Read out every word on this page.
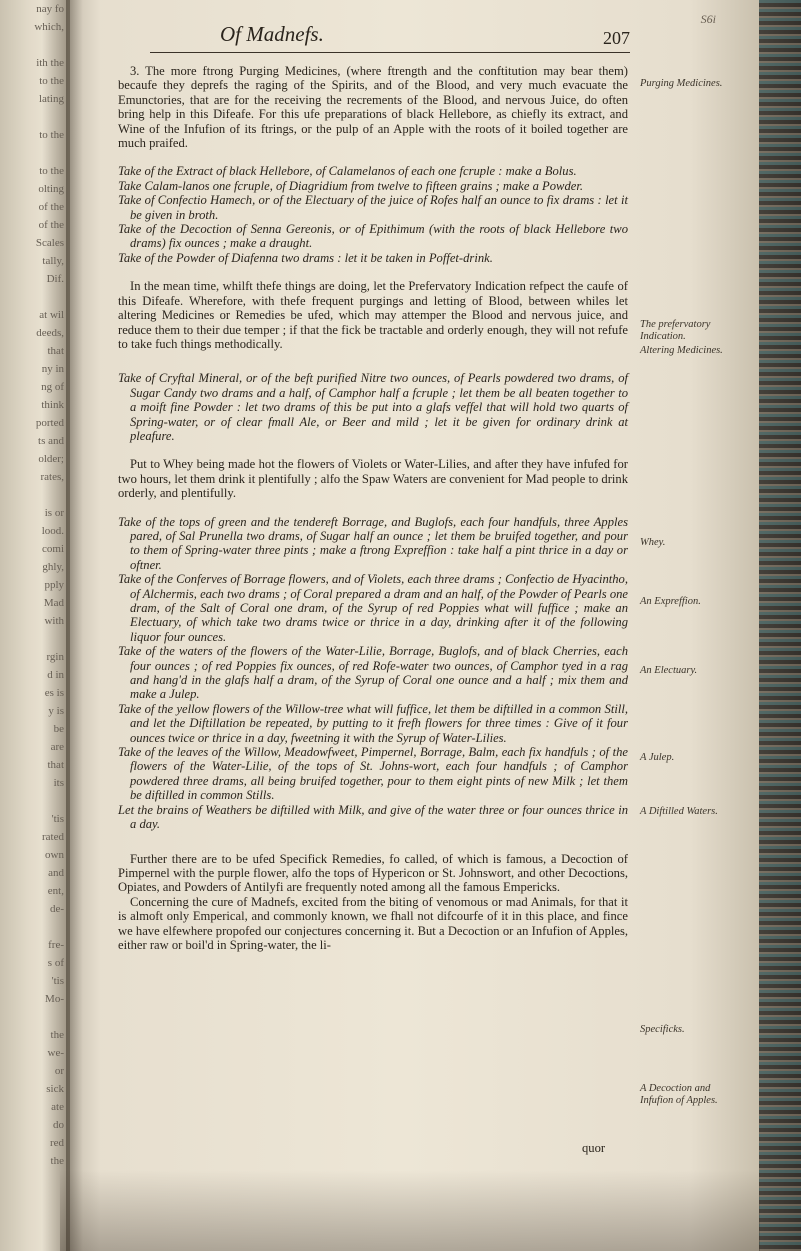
nay fo
which,
ith the
to the
lating
to the
to the
olting
of the
of the
Scales
tally,
Dif.
at wil
deeds,
that
ny in
ng of
think
ported
ts and
older;
rates,
is or
lood.
comi
ghly,
pply
Mad
with
rgin
d in
es is
y is
be
are
that
its
'tis
rated
own
and
ent,
de-
fre-
s of
'tis
Mo-
the
we-
or
sick
ate
do
red
the
S6i
Of Madnefs.	207

3. The more ftrong Purging Medicines, (where ftrength and the conftitution may bear them) becaufe they deprefs the raging of the Spirits, and of the Blood, and very much evacuate the Emunctories, that are for the receiving the recrements of the Blood, and nervous Juice, do often bring help in this Difeafe. For this ufe preparations of black Hellebore, as chiefly its extract, and Wine of the Infufion of its ftrings, or the pulp of an Apple with the roots of it boiled together are much praifed.

Take of the Extract of black Hellebore, of Calamelanos of each one fcruple : make a Bolus.

Take Calam-lanos one fcruple, of Diagridium from twelve to fifteen grains ; make a Powder.

Take of Confectio Hamech, or of the Electuary of the juice of Rofes half an ounce to fix drams : let it be given in broth.

Take of the Decoction of Senna Gereonis, or of Epithimum (with the roots of black Hellebore two drams) fix ounces ; make a draught.

Take of the Powder of Diafenna two drams : let it be taken in Poffet-drink.

In the mean time, whilft thefe things are doing, let the Prefervatory Indication refpect the caufe of this Difeafe. Wherefore, with thefe frequent purgings and letting of Blood, between whiles let altering Medicines or Remedies be ufed, which may attemper the Blood and nervous juice, and reduce them to their due temper ; if that the fick be tractable and orderly enough, they will not refufe to take fuch things methodically.

Take of Cryftal Mineral, or of the beft purified Nitre two ounces, of Pearls powdered two drams, of Sugar Candy two drams and a half, of Camphor half a fcruple ; let them be all beaten together to a moift fine Powder : let two drams of this be put into a glafs veffel that will hold two quarts of Spring-water, or of clear fmall Ale, or Beer and mild ; let it be given for ordinary drink at pleafure.

Put to Whey being made hot the flowers of Violets or Water-Lilies, and after they have infufed for two hours, let them drink it plentifully ; alfo the Spaw Waters are convenient for Mad people to drink orderly, and plentifully.

Take of the tops of green and the tendereft Borrage, and Buglofs, each four handfuls, three Apples pared, of Sal Prunella two drams, of Sugar half an ounce ; let them be bruifed together, and pour to them of Spring-water three pints ; make a ftrong Expreffion : take half a pint thrice in a day or oftner.

Take of the Conferves of Borrage flowers, and of Violets, each three drams ; Confectio de Hyacintho, of Alchermis, each two drams ; of Coral prepared a dram and an half, of the Powder of Pearls one dram, of the Salt of Coral one dram, of the Syrup of red Poppies what will fuffice ; make an Electuary, of which take two drams twice or thrice in a day, drinking after it of the following liquor four ounces.

Take of the waters of the flowers of the Water-Lilie, Borrage, Buglofs, and of black Cherries, each four ounces ; of red Poppies fix ounces, of red Rofe-water two ounces, of Camphor tyed in a rag and hang'd in the glafs half a dram, of the Syrup of Coral one ounce and a half ; mix them and make a Julep.

Take of the yellow flowers of the Willow-tree what will fuffice, let them be diftilled in a common Still, and let the Diftillation be repeated, by putting to it frefh flowers for three times : Give of it four ounces twice or thrice in a day, fweetning it with the Syrup of Water-Lilies.

Take of the leaves of the Willow, Meadowfweet, Pimpernel, Borrage, Balm, each fix handfuls ; of the flowers of the Water-Lilie, of the tops of St. Johns-wort, each four handfuls ; of Camphor powdered three drams, all being bruifed together, pour to them eight pints of new Milk ; let them be diftilled in common Stills.

Let the brains of Weathers be diftilled with Milk, and give of the water three or four ounces thrice in a day.

Further there are to be ufed Specifick Remedies, fo called, of which is famous, a Decoction of Pimpernel with the purple flower, alfo the tops of Hypericon or St. Johnswort, and other Decoctions, Opiates, and Powders of Antilyfi are frequently noted among all the famous Empericks.

Concerning the cure of Madnefs, excited from the biting of venomous or mad Animals, for that it is almoft only Emperical, and commonly known, we fhall not difcourfe of it in this place, and fince we have elfewhere propofed our conjectures concerning it. But a Decoction or an Infufion of Apples, either raw or boil'd in Spring-water, the li-

Purging Medicines.
The prefervatory Indication.
Altering Medicines.
Whey.
An Expreffion.
An Electuary.
A Julep.
A Diftilled Waters.
Specificks.
A Decoction and Infufion of Apples.
quor
